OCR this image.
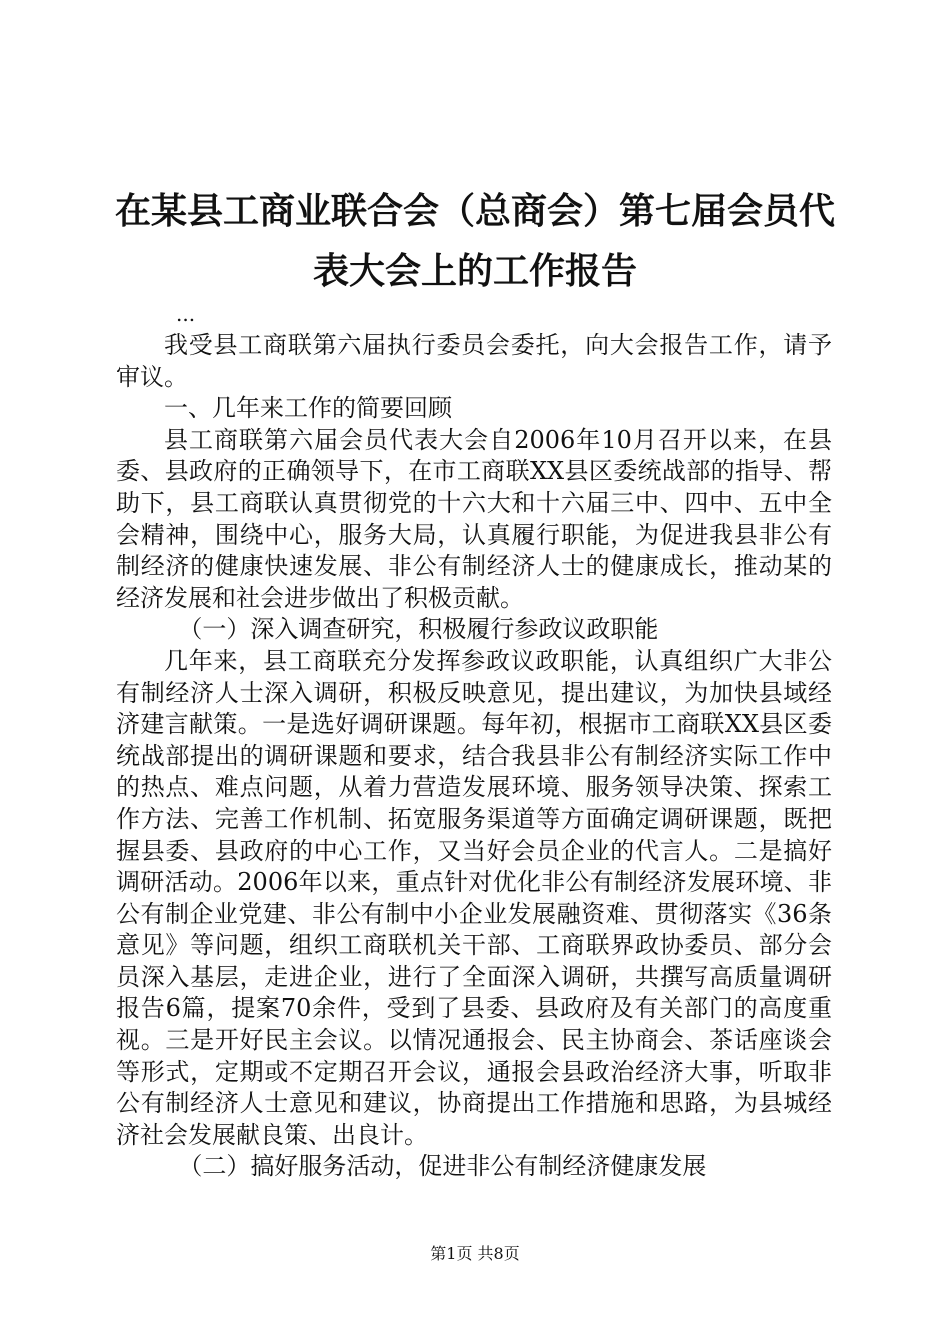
在某县工商业联合会（总商会）第七届会员代表大会上的工作报告
...

我受县工商联第六届执行委员会委托，向大会报告工作，请予审议。

一、几年来工作的简要回顾

县工商联第六届会员代表大会自2006年10月召开以来，在县委、县政府的正确领导下，在市工商联XX县区委统战部的指导、帮助下，县工商联认真贯彻党的十六大和十六届三中、四中、五中全会精神，围绕中心，服务大局，认真履行职能，为促进我县非公有制经济的健康快速发展、非公有制经济人士的健康成长，推动某的经济发展和社会进步做出了积极贡献。

（一）深入调查研究，积极履行参政议政职能

几年来，县工商联充分发挥参政议政职能，认真组织广大非公有制经济人士深入调研，积极反映意见，提出建议，为加快县域经济建言献策。一是选好调研课题。每年初，根据市工商联XX县区委统战部提出的调研课题和要求，结合我县非公有制经济实际工作中的热点、难点问题，从着力营造发展环境、服务领导决策、探索工作方法、完善工作机制、拓宽服务渠道等方面确定调研课题，既把握县委、县政府的中心工作，又当好会员企业的代言人。二是搞好调研活动。2006年以来，重点针对优化非公有制经济发展环境、非公有制企业党建、非公有制中小企业发展融资难、贯彻落实《36条意见》等问题，组织工商联机关干部、工商联界政协委员、部分会员深入基层，走进企业，进行了全面深入调研，共撰写高质量调研报告6篇，提案70余件，受到了县委、县政府及有关部门的高度重视。三是开好民主会议。以情况通报会、民主协商会、茶话座谈会等形式，定期或不定期召开会议，通报会县政治经济大事，听取非公有制经济人士意见和建议，协商提出工作措施和思路，为县城经济社会发展献良策、出良计。

（二）搞好服务活动，促进非公有制经济健康发展

第1页 共8页
